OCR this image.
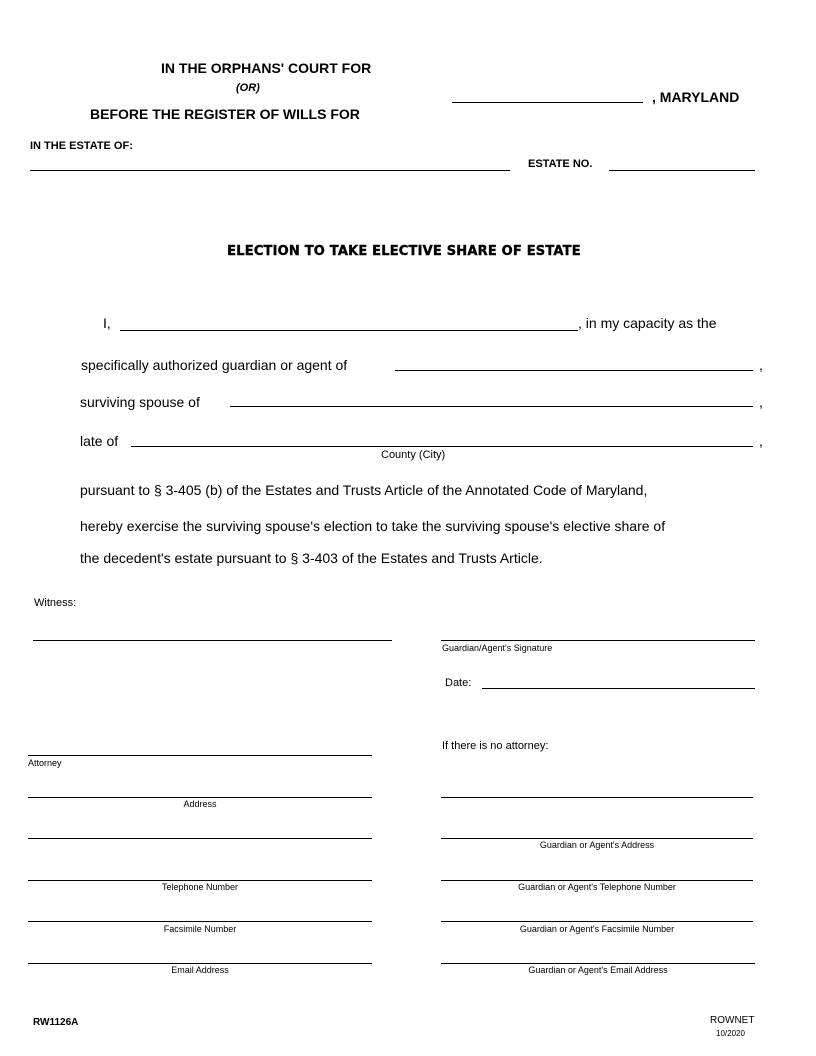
IN THE ORPHANS' COURT FOR
(OR)
BEFORE THE REGISTER OF WILLS FOR
, MARYLAND
IN THE ESTATE OF:
ESTATE NO.
ELECTION TO TAKE ELECTIVE SHARE OF ESTATE
I,	, in my capacity as the
specifically authorized guardian or agent of	,
surviving spouse of	,
late of	,
County (City)
pursuant to § 3-405 (b) of the Estates and Trusts Article of the Annotated Code of Maryland,
hereby exercise the surviving spouse's election to take the surviving spouse's elective share of
the decedent's estate pursuant to § 3-403 of the Estates and Trusts Article.
Witness:
Guardian/Agent's Signature
Date:
Attorney
Address
Telephone Number
Facsimile Number
Email Address
If there is no attorney:
Guardian or Agent's Address
Guardian or Agent's Telephone Number
Guardian or Agent's Facsimile Number
Guardian or Agent's Email Address
RW1126A	ROWNET
10/2020
